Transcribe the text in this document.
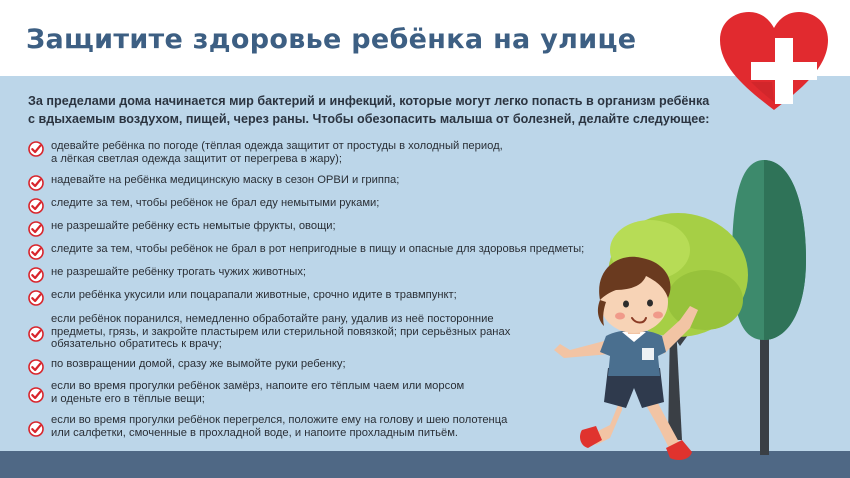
Защитите здоровье ребёнка на улице
За пределами дома начинается мир бактерий и инфекций, которые могут легко попасть в организм ребёнка
с вдыхаемым воздухом, пищей, через раны. Чтобы обезопасить малыша от болезней, делайте следующее:
одевайте ребёнка по погоде (тёплая одежда защитит от простуды в холодный период,
а лёгкая светлая одежда защитит от перегрева в жару);
надевайте на ребёнка медицинскую маску в сезон ОРВИ и гриппа;
следите за тем, чтобы ребёнок не брал еду немытыми руками;
не разрешайте ребёнку есть немытые фрукты, овощи;
следите за тем, чтобы ребёнок не брал в рот непригодные в пищу и опасные для здоровья предметы;
не разрешайте ребёнку трогать чужих животных;
если ребёнка укусили или поцарапали животные, срочно идите в травмпункт;
если ребёнок поранился, немедленно обработайте рану, удалив из неё посторонние
предметы, грязь, и закройте пластырем или стерильной повязкой; при серьёзных ранах
обязательно обратитесь к врачу;
по возвращении домой, сразу же вымойте руки ребенку;
если во время прогулки ребёнок замёрз, напоите его тёплым чаем или морсом
и оденьте его в тёплые вещи;
если во время прогулки ребёнок перегрелся, положите ему на голову и шею полотенца
или салфетки, смоченные в прохладной воде, и напоите прохладным питьём.
